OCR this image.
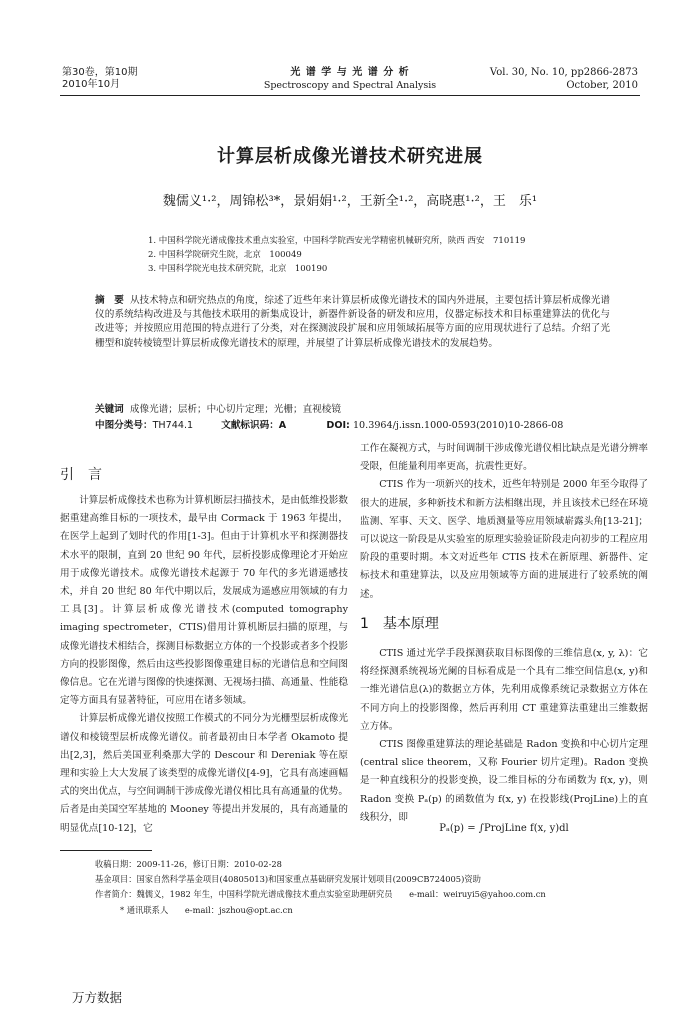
第30卷，第10期
2010年10月
光 谱 学 与 光 谱 分 析
Spectroscopy and Spectral Analysis
Vol. 30, No. 10, pp2866-2873
October, 2010
计算层析成像光谱技术研究进展
魏儒义¹·²，周锦松³*，景娟娟¹·²，王新全¹·²，高晓惠¹·²，王　乐¹
1. 中国科学院光谱成像技术重点实验室，中国科学院西安光学精密机械研究所，陕西 西安　710119
2. 中国科学院研究生院，北京　100049
3. 中国科学院光电技术研究院，北京　100190
摘　要 从技术特点和研究热点的角度，综述了近些年来计算层析成像光谱技术的国内外进展，主要包括计算层析成像光谱仪的系统结构改进及与其他技术联用的新集成设计，新器件新设备的研发和应用，仪器定标技术和目标重建算法的优化与改进等；并按照应用范围的特点进行了分类，对在探测波段扩展和应用领域拓展等方面的应用现状进行了总结。介绍了光栅型和旋转棱镜型计算层析成像光谱技术的原理，并展望了计算层析成像光谱技术的发展趋势。
关键词 成像光谱；层析；中心切片定理；光栅；直视棱镜
中图分类号：TH744.1	文献标识码：A	DOI: 10.3964/j.issn.1000-0593(2010)10-2866-08
引　言

计算层析成像技术也称为计算机断层扫描技术，是由低维投影数据重建高维目标的一项技术，最早由 Cormack 于 1963 年提出，在医学上起到了划时代的作用[1-3]。但由于计算机水平和探测器技术水平的限制，直到 20 世纪 90 年代，层析投影成像理论才开始应用于成像光谱技术。成像光谱技术起源于 70 年代的多光谱遥感技术，并自 20 世纪 80 年代中期以后，发展成为遥感应用领域的有力工具[3]。计算层析成像光谱技术(computed tomography imaging spectrometer，CTIS)借用计算机断层扫描的原理，与成像光谱技术相结合，探测目标数据立方体的一个投影或者多个投影方向的投影图像，然后由这些投影图像重建目标的光谱信息和空间图像信息。它在光谱与图像的快速探测、无视场扫描、高通量、性能稳定等方面具有显著特征，可应用在诸多领域。

计算层析成像光谱仪按照工作模式的不同分为光栅型层析成像光谱仪和棱镜型层析成像光谱仪。前者最初由日本学者 Okamoto 提出[2,3]，然后美国亚利桑那大学的 Descour 和 Dereniak 等在原理和实验上大大发展了该类型的成像光谱仪[4-9]，它具有高速画幅式的突出优点，与空间调制干涉成像光谱仪相比具有高通量的优势。后者是由美国空军基地的 Mooney 等提出并发展的，具有高通量的明显优点[10-12]，它

工作在凝视方式，与时间调制干涉成像光谱仪相比缺点是光谱分辨率受限，但能量利用率更高，抗震性更好。

CTIS 作为一项新兴的技术，近些年特别是 2000 年至今取得了很大的进展，多种新技术和新方法相继出现，并且该技术已经在环境监测、军事、天文、医学、地质测量等应用领域崭露头角[13-21]；可以说这一阶段是从实验室的原理实验验证阶段走向初步的工程应用阶段的重要时期。本文对近些年 CTIS 技术在新原理、新器件、定标技术和重建算法，以及应用领域等方面的进展进行了较系统的阐述。

1　基本原理

CTIS 通过光学手段探测获取目标图像的三维信息(x, y, λ)：它将经探测系统视场光阑的目标看成是一个具有二维空间信息(x, y)和一维光谱信息(λ)的数据立方体，先利用成像系统记录数据立方体在不同方向上的投影图像，然后再利用 CT 重建算法重建出三维数据立方体。

CTIS 图像重建算法的理论基础是 Radon 变换和中心切片定理(central slice theorem，又称 Fourier 切片定理)。Radon 变换是一种直线积分的投影变换，设二维目标的分布函数为 f(x, y)，则 Radon 变换 Pₐ(p) 的函数值为 f(x, y) 在投影线(ProjLine)上的直线积分，即

Pₐ(p) = ∫ProjLine f(x, y)dl
收稿日期：2009-11-26，修订日期：2010-02-28
基金项目：国家自然科学基金项目(40805013)和国家重点基础研究发展计划项目(2009CB724005)资助
作者简介：魏儒义，1982 年生，中国科学院光谱成像技术重点实验室助理研究员　　e-mail：weiruyi5@yahoo.com.cn
* 通讯联系人　　e-mail：jszhou@opt.ac.cn
万方数据
